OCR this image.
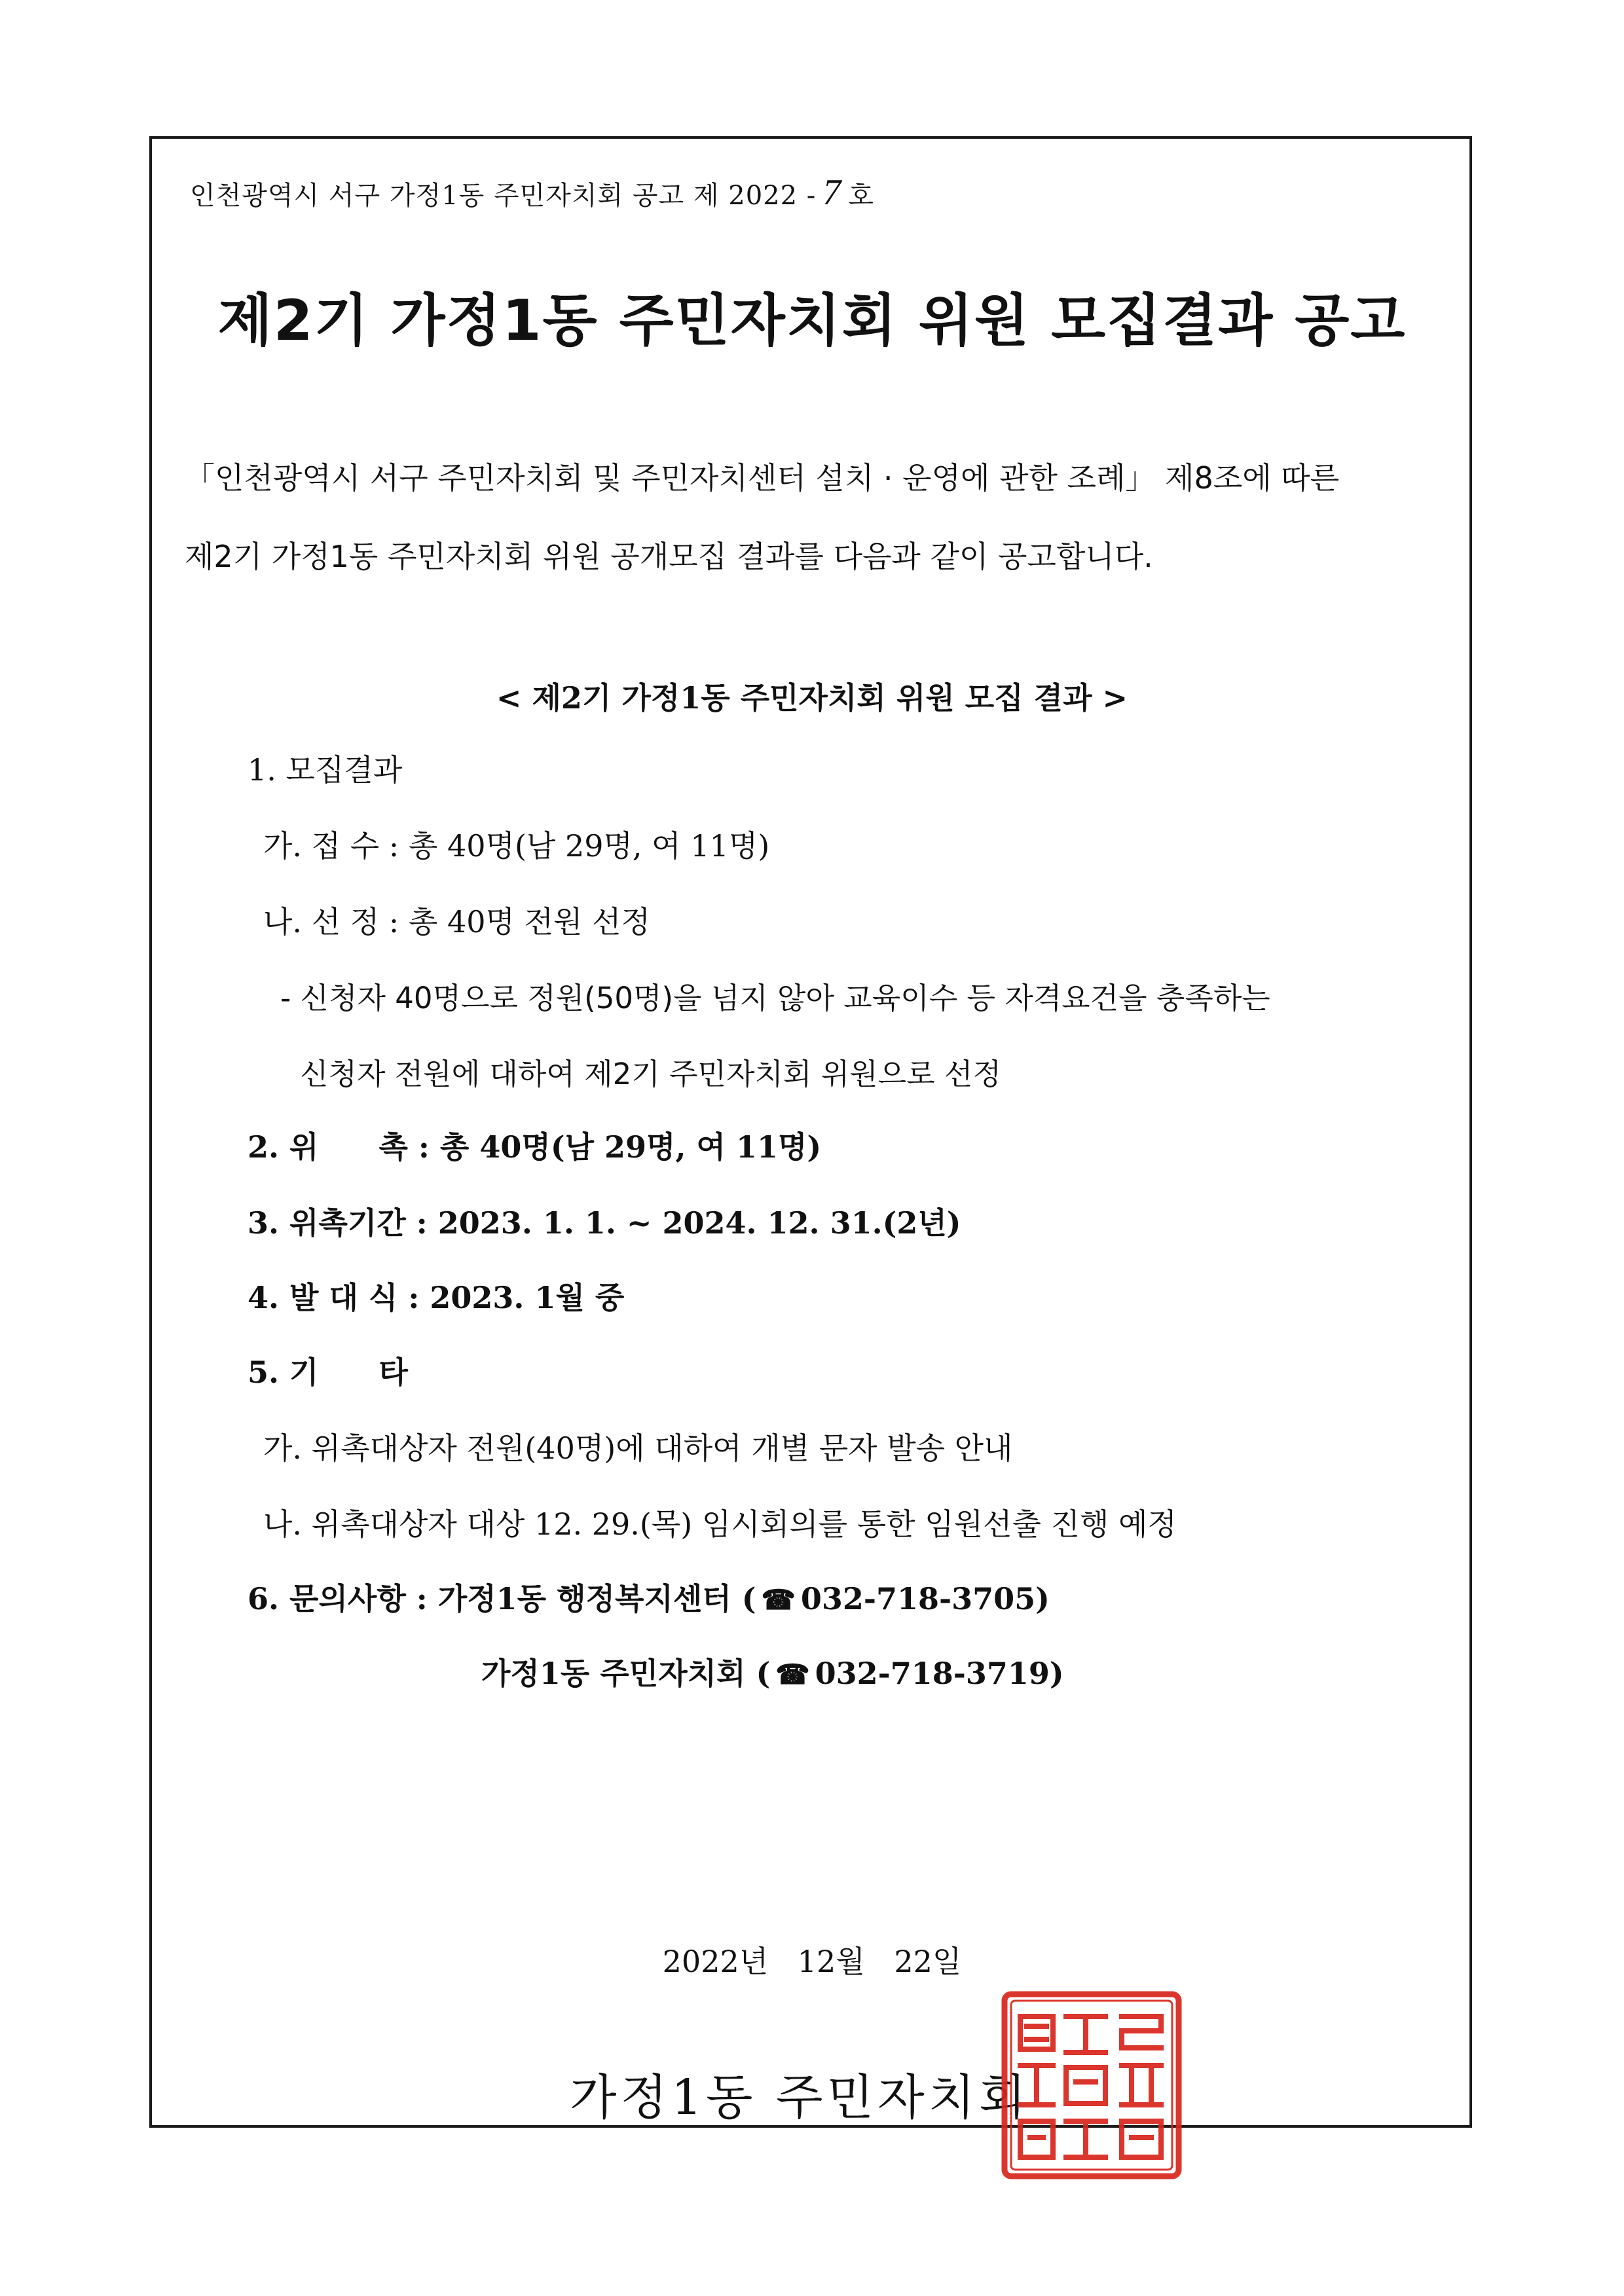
인천광역시 서구 가정1동 주민자치회 공고 제 2022 - 7 호
제2기 가정1동 주민자치회 위원 모집결과 공고

「인천광역시 서구 주민자치회 및 주민자치센터 설치 · 운영에 관한 조례」 제8조에 따른

제2기 가정1동 주민자치회 위원 공개모집 결과를 다음과 같이 공고합니다.

< 제2기 가정1동 주민자치회 위원 모집 결과 >
1. 모집결과
가. 접 수 : 총 40명(남 29명, 여 11명)
나. 선 정 : 총 40명 전원 선정
- 신청자 40명으로 정원(50명)을 넘지 않아 교육이수 등 자격요건을 충족하는
신청자 전원에 대하여 제2기 주민자치회 위원으로 선정
2. 위　　촉 : 총 40명(남 29명, 여 11명)
3. 위촉기간 : 2023. 1. 1. ~ 2024. 12. 31.(2년)
4. 발 대 식 : 2023. 1월 중
5. 기　　타
가. 위촉대상자 전원(40명)에 대하여 개별 문자 발송 안내
나. 위촉대상자 대상 12. 29.(목) 임시회의를 통한 임원선출 진행 예정
6. 문의사항 : 가정1동 행정복지센터 ( ☎ 032-718-3705)
가정1동 주민자치회 ( ☎ 032-718-3719)
2022년 12월 22일
가정1동 주민자치회
